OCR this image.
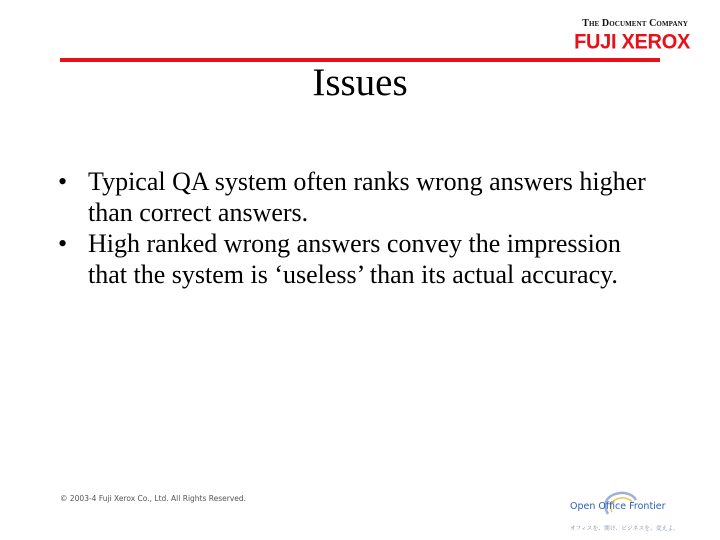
The Document Company
FUJI XEROX
Issues
• Typical QA system often ranks wrong answers higher than correct answers.
• High ranked wrong answers convey the impression that the system is ‘useless’ than its actual accuracy.
© 2003-4 Fuji Xerox Co., Ltd. All Rights Reserved.
Open Office Frontier
オフィスを、開け、ビジネスを、変えよ。
